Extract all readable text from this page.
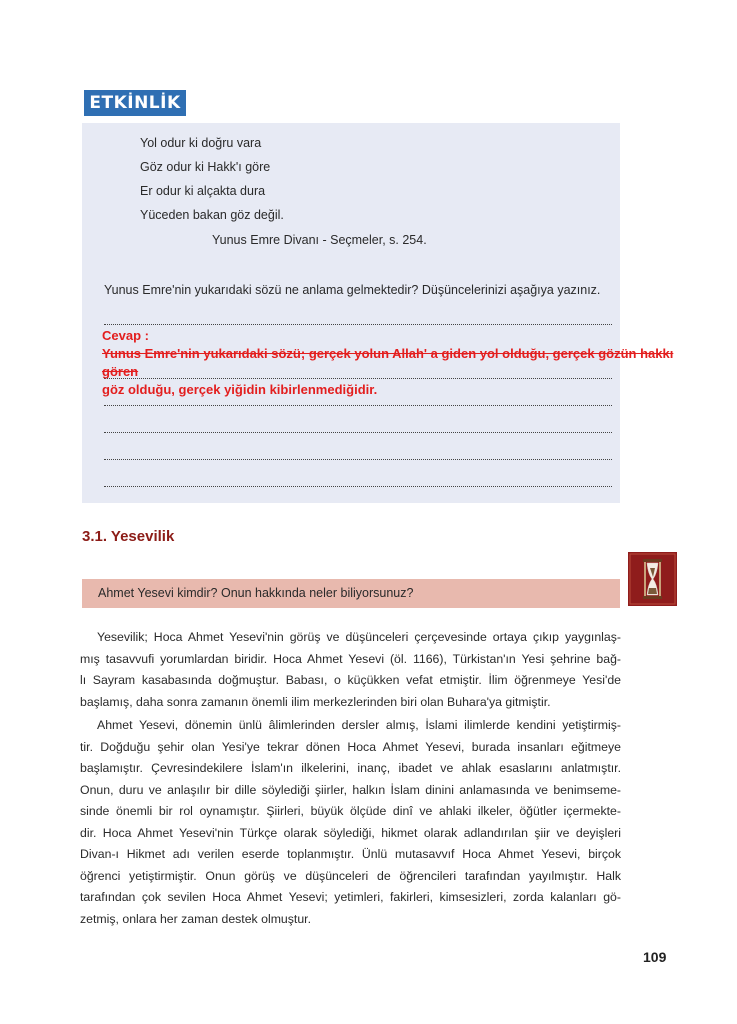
ETKİNLİK
Yol odur ki doğru vara
Göz odur ki Hakk'ı göre
Er odur ki alçakta dura
Yüceden bakan göz değil.
Yunus Emre Divanı - Seçmeler, s. 254.
Yunus Emre'nin yukarıdaki sözü ne anlama gelmektedir? Düşüncelerinizi aşağıya yazınız.
Cevap :
Yunus Emre'nin yukarıdaki sözü; gerçek yolun Allah' a giden yol olduğu, gerçek gözün hakkı gören
göz olduğu, gerçek yiğidin kibirlenmediğidir.
3.1. Yesevilik
Ahmet Yesevi kimdir? Onun hakkında neler biliyorsunuz?
Yesevilik; Hoca Ahmet Yesevi'nin görüş ve düşünceleri çerçevesinde ortaya çıkıp yaygınlaş-
mış tasavvufi yorumlardan biridir. Hoca Ahmet Yesevi (öl. 1166), Türkistan'ın Yesi şehrine bağ-
lı Sayram kasabasında doğmuştur. Babası, o küçükken vefat etmiştir. İlim öğrenmeye Yesi'de
başlamış, daha sonra zamanın önemli ilim merkezlerinden biri olan Buhara'ya gitmiştir.
Ahmet Yesevi, dönemin ünlü âlimlerinden dersler almış, İslami ilimlerde kendini yetiştirmiş-
tir. Doğduğu şehir olan Yesi'ye tekrar dönen Hoca Ahmet Yesevi, burada insanları eğitmeye
başlamıştır. Çevresindekilere İslam'ın ilkelerini, inanç, ibadet ve ahlak esaslarını anlatmıştır.
Onun, duru ve anlaşılır bir dille söylediği şiirler, halkın İslam dinini anlamasında ve benimseme-
sinde önemli bir rol oynamıştır. Şiirleri, büyük ölçüde dinî ve ahlaki ilkeler, öğütler içermekte-
dir. Hoca Ahmet Yesevi'nin Türkçe olarak söylediği, hikmet olarak adlandırılan şiir ve deyişleri
Divan-ı Hikmet adı verilen eserde toplanmıştır. Ünlü mutasavvıf Hoca Ahmet Yesevi, birçok
öğrenci yetiştirmiştir. Onun görüş ve düşünceleri de öğrencileri tarafından yayılmıştır. Halk
tarafından çok sevilen Hoca Ahmet Yesevi; yetimleri, fakirleri, kimsesizleri, zorda kalanları gö-
zetmiş, onlara her zaman destek olmuştur.
109
